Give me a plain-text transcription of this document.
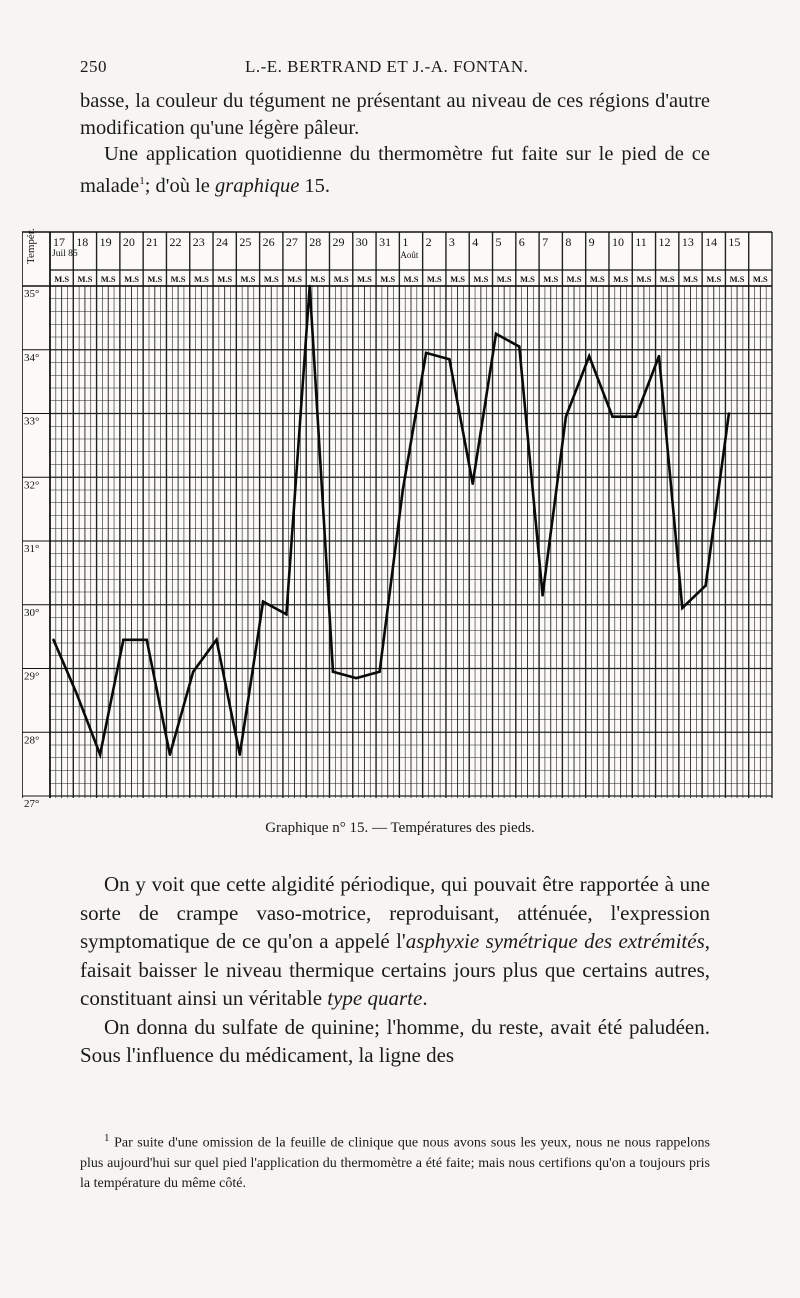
250	L.-E. BERTRAND ET J.-A. FONTAN.
basse, la couleur du tégument ne présentant au niveau de ces régions d'autre modification qu'une légère pâleur.
Une application quotidienne du thermomètre fut faite sur le pied de ce malade$^1$; d'où le graphique 15.
Tempér. 17 18 19 20 21 22 23 24 25 26 27 28 29 30 31 1 2 3 4 5 6 7 8 9 10 11 12 13 14 15
Juil 85	Août
M.S M.S M.S M.S M.S M.S M.S M.S M.S M.S M.S M.S M.S M.S M.S M.S M.S M.S M.S M.S M.S M.S M.S M.S M.S M.S M.S M.S M.S M.S M.S
35°
34°
33°
32°
31°
30°
29°
28°
27°
Graphique n° 15. — Températures des pieds.
On y voit que cette algidité périodique, qui pouvait être rapportée à une sorte de crampe vaso-motrice, reproduisant, atténuée, l'expression symptomatique de ce qu'on a appelé l'asphyxie symétrique des extrémités, faisait baisser le niveau thermique certains jours plus que certains autres, constituant ainsi un véritable type quarte.
On donna du sulfate de quinine; l'homme, du reste, avait été paludéen. Sous l'influence du médicament, la ligne des
$^1$ Par suite d'une omission de la feuille de clinique que nous avons sous les yeux, nous ne nous rappelons plus aujourd'hui sur quel pied l'application du thermomètre a été faite; mais nous certifions qu'on a toujours pris la température du même côté.
